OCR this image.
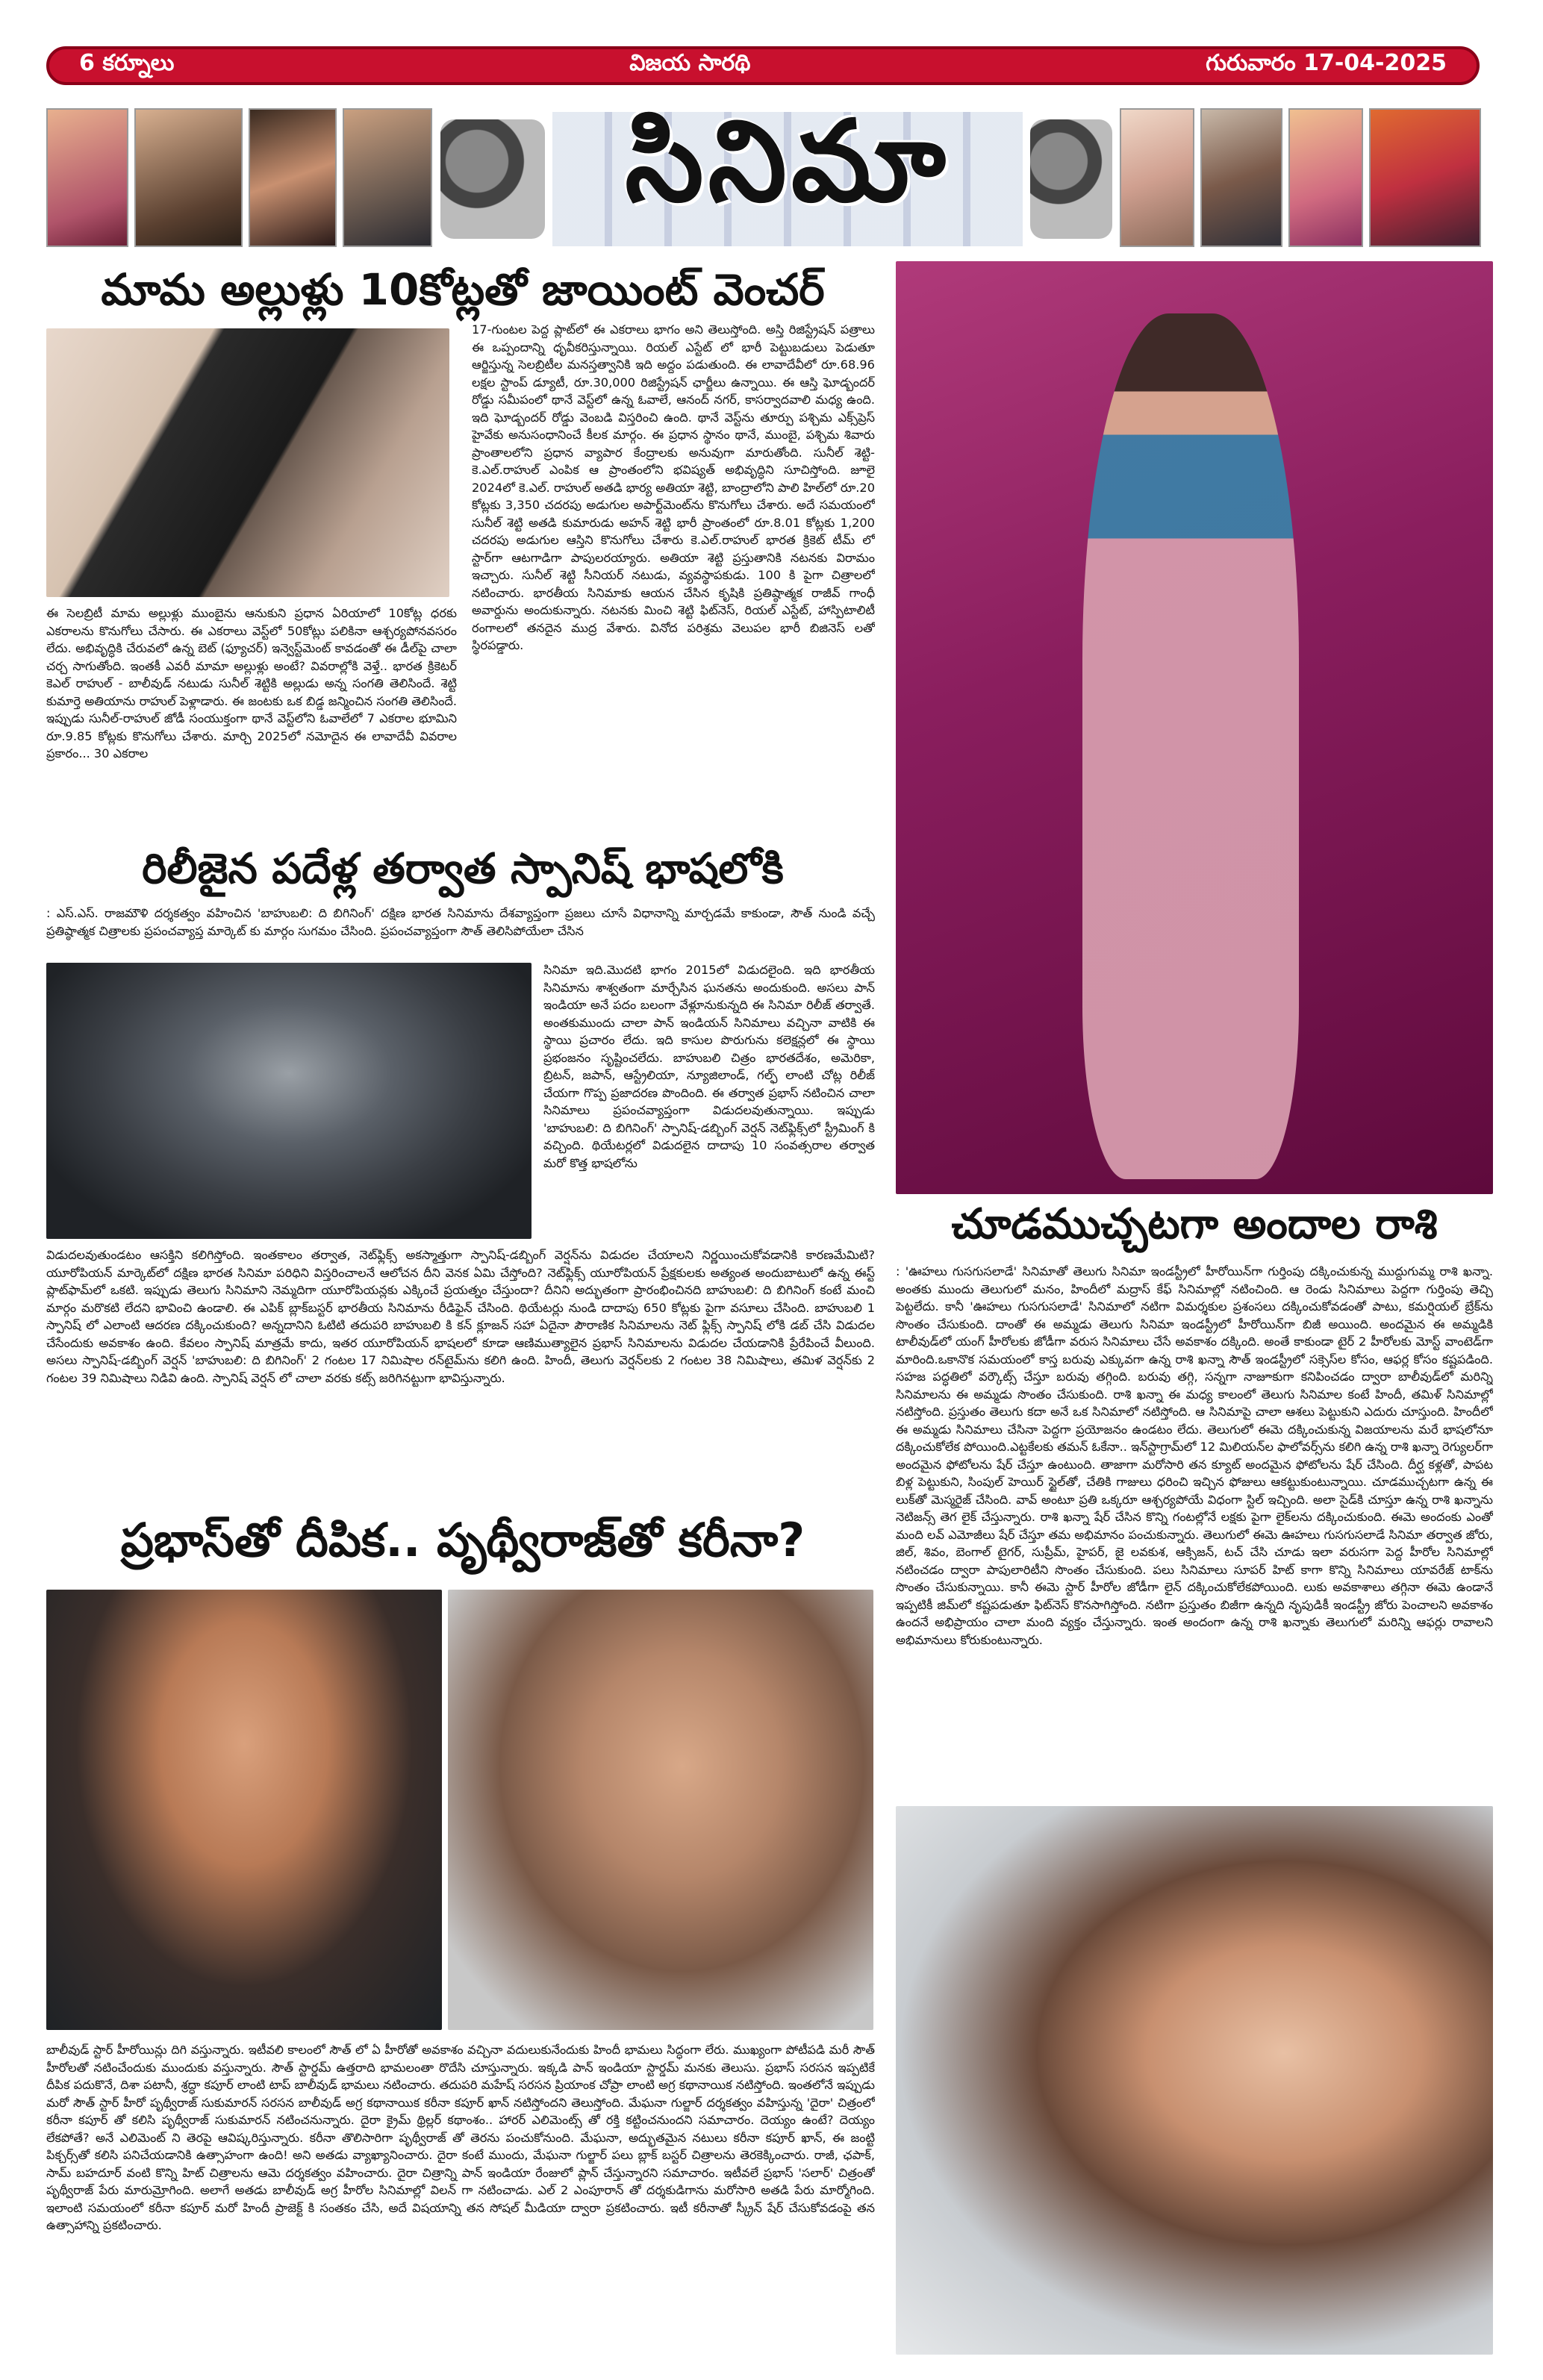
6 కర్నూలు	విజయ సారథి	గురువారం 17-04-2025
సినిమా
మామ అల్లుళ్లు 10కోట్లతో జాయింట్ వెంచర్
17-గుంటల పెద్ద ప్లాట్‌లో ఈ ఎకరాలు భాగం అని తెలుస్తోంది. అస్తి రిజిస్ట్రేషన్ పత్రాలు ఈ ఒప్పందాన్ని ధృవీకరిస్తున్నాయి. రియల్ ఎస్టేట్ లో భారీ పెట్టుబడులు పెడుతూ ఆర్జిస్తున్న సెలబ్రిటీల మనస్తత్వానికి ఇది అద్దం పడుతుంది. ఈ లావాదేవీలో రూ.68.96 లక్షల స్టాంప్ డ్యూటీ, రూ.30,000 రిజిస్ట్రేషన్ ఛార్జీలు ఉన్నాయి. ఈ ఆస్తి ఘోడ్బందర్ రోడ్డు సమీపంలో థానే వెస్ట్‌లో ఉన్న ఓవాలే, ఆనంద్ నగర్, కాసర్వాదవాలి మధ్య ఉంది. ఇది ఘోడ్బందర్ రోడ్డు వెంబడి విస్తరించి ఉంది. థానే వెస్ట్‌ను తూర్పు పశ్చిమ ఎక్స్‌ప్రెస్ హైవేకు అనుసంధానించే కీలక మార్గం. ఈ ప్రధాన స్థానం థానే, ముంబై, పశ్చిమ శివారు ప్రాంతాలలోని ప్రధాన వ్యాపార కేంద్రాలకు అనువుగా మారుతోంది. సునీల్ శెట్టి- కె.ఎల్.రాహుల్ ఎంపిక ఆ ప్రాంతంలోని భవిష్యత్ అభివృద్ధిని సూచిస్తోంది. జూలై 2024లో కె.ఎల్. రాహుల్ అతడి భార్య అతియా శెట్టి, బాంద్రాలోని పాలి హిల్‌లో రూ.20 కోట్లకు 3,350 చదరపు అడుగుల అపార్ట్‌మెంట్‌ను కొనుగోలు చేశారు. అదే సమయంలో సునీల్ శెట్టి అతడి కుమారుడు అహన్ శెట్టి భారీ ప్రాంతంలో రూ.8.01 కోట్లకు 1,200 చదరపు అడుగుల ఆస్తిని కొనుగోలు చేశారు కె.ఎల్.రాహుల్ భారత క్రికెట్ టీమ్ లో స్టార్‌గా ఆటగాడిగా పాపులరయ్యారు. అతియా శెట్టి ప్రస్తుతానికి నటనకు విరామం ఇచ్చారు. సునీల్ శెట్టి సీనియర్ నటుడు, వ్యవస్థాపకుడు. 100 కి పైగా చిత్రాలలో నటించారు. భారతీయ సినిమాకు ఆయన చేసిన కృషికి ప్రతిష్ఠాత్మక రాజీవ్ గాంధీ అవార్డును అందుకున్నారు. నటనకు మించి శెట్టి ఫిట్‌నెస్, రియల్ ఎస్టేట్, హాస్పిటాలిటీ రంగాలలో తనదైన ముద్ర వేశారు. వినోద పరిశ్రమ వెలుపల భారీ బిజినెస్ లతో స్థిరపడ్డారు.
ఈ సెలబ్రిటీ మామ అల్లుళ్లు ముంబైను ఆనుకుని ప్రధాన ఏరియాలో 10కోట్ల ధరకు ఎకరాలను కొనుగోలు చేసారు. ఈ ఎకరాలు వెస్ట్‌లో 50కోట్లు పలికినా ఆశ్చర్యపోనవసరం లేదు. అభివృద్ధికి చేరువలో ఉన్న బెట్ (ఫ్యూచర్) ఇన్వెస్ట్‌మెంట్ కావడంతో ఈ డీల్‌పై చాలా చర్చ సాగుతోంది. ఇంతకీ ఎవరీ మామా అల్లుళ్లు అంటే? వివరాల్లోకి వెళ్తే.. భారత క్రికెటర్ కెఎల్ రాహుల్ - బాలీవుడ్ నటుడు సునీల్ శెట్టికి అల్లుడు అన్న సంగతి తెలిసిందే. శెట్టి కుమార్తె అతియాను రాహుల్ పెళ్లాడారు. ఈ జంటకు ఒక బిడ్డ జన్మించిన సంగతి తెలిసిందే. ఇప్పుడు సునీల్-రాహుల్ జోడీ సంయుక్తంగా థానే వెస్ట్‌లోని ఓవాలేలో 7 ఎకరాల భూమిని రూ.9.85 కోట్లకు కొనుగోలు చేశారు. మార్చి 2025లో నమోదైన ఈ లావాదేవీ వివరాల ప్రకారం... 30 ఎకరాల
రిలీజైన పదేళ్ల తర్వాత స్పానిష్ భాషలోకి
: ఎస్.ఎస్. రాజమౌళి దర్శకత్వం వహించిన 'బాహుబలి: ది బిగినింగ్' దక్షిణ భారత సినిమాను దేశవ్యాప్తంగా ప్రజలు చూసే విధానాన్ని మార్చడమే కాకుండా, సౌత్ నుండి వచ్చే ప్రతిష్ఠాత్మక చిత్రాలకు ప్రపంచవ్యాప్త మార్కెట్ కు మార్గం సుగమం చేసింది. ప్రపంచవ్యాప్తంగా సౌత్ తెలిసిపోయేలా చేసిన
సినిమా ఇది.మొదటి భాగం 2015లో విడుదలైంది. ఇది భారతీయ సినిమాను శాశ్వతంగా మార్చేసిన ఘనతను అందుకుంది. అసలు పాన్ ఇండియా అనే పదం బలంగా వేళ్లూనుకున్నది ఈ సినిమా రిలీజ్ తర్వాతే. అంతకుముందు చాలా పాన్ ఇండియన్ సినిమాలు వచ్చినా వాటికి ఈ స్థాయి ప్రచారం లేదు. ఇది కాసుల పొరుగును కలెక్షన్లలో ఈ స్థాయి ప్రభంజనం సృష్టించలేదు. బాహుబలి చిత్రం భారతదేశం, అమెరికా, బ్రిటన్, జపాన్, ఆస్ట్రేలియా, న్యూజిలాండ్, గల్ఫ్ లాంటి చోట్ల రిలీజ్ చేయగా గొప్ప ప్రజాదరణ పొందింది. ఈ తర్వాత ప్రభాస్ నటించిన చాలా సినిమాలు ప్రపంచవ్యాప్తంగా విడుదలవుతున్నాయి. ఇప్పుడు 'బాహుబలి: ది బిగినింగ్' స్పానిష్-డబ్బింగ్ వెర్షన్ నెట్‌ఫ్లిక్స్‌లో స్ట్రీమింగ్ కి వచ్చింది. థియేటర్లలో విడుదలైన దాదాపు 10 సంవత్సరాల తర్వాత మరో కొత్త భాషలోను
విడుదలవుతుండటం ఆసక్తిని కలిగిస్తోంది. ఇంతకాలం తర్వాత, నెట్‌ఫ్లిక్స్ అకస్మాత్తుగా స్పానిష్-డబ్బింగ్ వెర్షన్‌ను విడుదల చేయాలని నిర్ణయించుకోవడానికి కారణమేమిటి? యూరోపియన్ మార్కెట్‌లో దక్షిణ భారత సినిమా పరిధిని విస్తరించాలనే ఆలోచన దీని వెనక ఏమి చేస్తోంది? నెట్‌ఫ్లిక్స్ యూరోపియన్ ప్రేక్షకులకు అత్యంత అందుబాటులో ఉన్న ఈస్ట్ ప్లాట్‌ఫామ్‌లో ఒకటి. ఇప్పుడు తెలుగు సినిమాని నెమ్మదిగా యూరోపియన్లకు ఎక్కించే ప్రయత్నం చేస్తుందా? దీనిని అద్భుతంగా ప్రారంభించినది బాహుబలి: ది బిగినింగ్ కంటే మంచి మార్గం మరొకటి లేదని భావించి ఉండాలి. ఈ ఎపిక్ బ్లాక్‌బస్టర్ భారతీయ సినిమాను రీడిఫైన్ చేసింది. థియేటర్లు నుండి దాదాపు 650 కోట్లకు పైగా వసూలు చేసింది. బాహుబలి 1 స్పానిష్ లో ఎలాంటి ఆదరణ దక్కించుకుంది? అన్నదానిని ఓటిటి తదుపరి బాహుబలి కి కన్ క్లూజన్ సహా ఏదైనా పౌరాణిక సినిమాలను నెట్ ఫ్లిక్స్ స్పానిష్ లోకి డబ్ చేసి విడుదల చేసేందుకు అవకాశం ఉంది. కేవలం స్పానిష్ మాత్రమే కాదు, ఇతర యూరోపియన్ భాషలలో కూడా ఆణిముత్యాలైన ప్రభాస్ సినిమాలను విడుదల చేయడానికి ప్రేరేపించే వీలుంది. అసలు స్పానిష్-డబ్బింగ్ వెర్షన్ 'బాహుబలి: ది బిగినింగ్' 2 గంటల 17 నిమిషాల రన్‌టైమ్‌ను కలిగి ఉంది. హిందీ, తెలుగు వెర్షన్‌లకు 2 గంటల 38 నిమిషాలు, తమిళ వెర్షన్‌కు 2 గంటల 39 నిమిషాలు నిడివి ఉంది. స్పానిష్ వెర్షన్ లో చాలా వరకు కట్స్ జరిగినట్టుగా భావిస్తున్నారు.
ప్రభాస్‌తో దీపిక.. పృథ్వీరాజ్‌తో కరీనా?
బాలీవుడ్ స్టార్ హీరోయిన్లు దిగి వస్తున్నారు. ఇటీవలి కాలంలో సౌత్ లో ఏ హీరోతో అవకాశం వచ్చినా వదులుకునేందుకు హిందీ భామలు సిద్ధంగా లేరు. ముఖ్యంగా పోటీపడి మరీ సౌత్ హీరోలతో నటించేందుకు ముందుకు వస్తున్నారు. సౌత్ స్టార్డమ్ ఉత్తరాది భామలంతా రొదేసి చూస్తున్నారు. ఇక్కడి పాన్ ఇండియా స్టార్డమ్ మనకు తెలుసు. ప్రభాస్ సరసన ఇప్పటికే దీపిక పదుకొనే, దిశా పటానీ, శ్రద్ధా కపూర్ లాంటి టాప్ బాలీవుడ్ భామలు నటించారు. తదుపరి మహేష్ సరసన ప్రియాంక చోప్రా లాంటి అగ్ర కథానాయిక నటిస్తోంది. ఇంతలోనే ఇప్పుడు మరో సౌత్ స్టార్ హీరో పృథ్వీరాజ్ సుకుమారన్ సరసన బాలీవుడ్ అగ్ర కథానాయిక కరీనా కపూర్ ఖాన్ నటిస్తోందని తెలుస్తోంది. మేఘనా గుల్జార్ దర్శకత్వం వహిస్తున్న 'దైరా' చిత్రంలో కరీనా కపూర్ తో కలిసి పృథ్వీరాజ్ సుకుమారన్ నటించనున్నారు. దైరా క్రైమ్ థ్రిల్లర్ కథాంశం.. హారర్ ఎలిమెంట్స్ తో రక్తి కట్టించనుందని సమాచారం. దెయ్యం ఉంటే? దెయ్యం లేకపోతే? అనే ఎలిమెంట్ ని తెరపై ఆవిష్కరిస్తున్నారు. కరీనా తొలిసారిగా పృథ్వీరాజ్ తో తెరను పంచుకోనుంది. మేఘనా, అద్భుతమైన నటులు కరీనా కపూర్ ఖాన్, ఈ జంట్టి పిక్చర్స్‌తో కలిసి పనిచేయడానికి ఉత్సాహంగా ఉంది! అని అతడు వ్యాఖ్యానించారు. దైరా కంటే ముందు, మేఘనా గుల్జార్ పలు బ్లాక్ బస్టర్ చిత్రాలను తెరకెక్కించారు. రాజీ, ఛపాక్, సామ్ బహదూర్ వంటి కొన్ని హిట్ చిత్రాలను ఆమె దర్శకత్వం వహించారు. దైరా చిత్రాన్ని పాన్ ఇండియా రేంజులో ప్లాన్ చేస్తున్నారని సమాచారం. ఇటీవలే ప్రభాస్ 'సలార్' చిత్రంతో పృథ్వీరాజ్ పేరు మారుమ్రోగింది. అలాగే అతడు బాలీవుడ్ అగ్ర హీరోల సినిమాల్లో విలన్ గా నటించాడు. ఎల్ 2 ఎంపూరాన్ తో దర్శకుడిగాను మరోసారి అతడి పేరు మార్మోగింది. ఇలాంటి సమయంలో కరీనా కపూర్ మరో హిందీ ప్రాజెక్ట్ కి సంతకం చేసి, అదే విషయాన్ని తన సోషల్ మీడియా ద్వారా ప్రకటించారు. ఇటీ కరీనాతో స్క్రీన్ షేర్ చేసుకోవడంపై తన ఉత్సాహాన్ని ప్రకటించారు.
చూడముచ్చటగా అందాల రాశి
: 'ఊహలు గుసగుసలాడే' సినిమాతో తెలుగు సినిమా ఇండస్ట్రీలో హీరోయిన్‌గా గుర్తింపు దక్కించుకున్న ముద్దుగుమ్మ రాశి ఖన్నా. అంతకు ముందు తెలుగులో మనం, హిందీలో మద్రాస్ కేఫ్ సినిమాల్లో నటించింది. ఆ రెండు సినిమాలు పెద్దగా గుర్తింపు తెచ్చి పెట్టలేదు. కానీ 'ఊహలు గుసగుసలాడే' సినిమాలో నటిగా విమర్శకుల ప్రశంసలు దక్కించుకోవడంతో పాటు, కమర్షియల్ బ్రేక్‌ను సొంతం చేసుకుంది. దాంతో ఈ అమ్మడు తెలుగు సినిమా ఇండస్ట్రీలో హీరోయిన్‌గా బిజీ అయింది. అందమైన ఈ అమ్మడికి టాలీవుడ్‌లో యంగ్ హీరోలకు జోడీగా వరుస సినిమాలు చేసే అవకాశం దక్కింది. అంతే కాకుండా టైర్ 2 హీరోలకు మోస్ట్ వాంటెడ్‌గా మారింది.ఒకానొక సమయంలో కాస్త బరువు ఎక్కువగా ఉన్న రాశి ఖన్నా సౌత్ ఇండస్ట్రీలో సక్సెస్‌ల కోసం, ఆఫర్ల కోసం కష్టపడింది. సహజ పద్ధతిలో వర్కౌట్స్ చేస్తూ బరువు తగ్గింది. బరువు తగ్గి, సన్నగా నాజూకుగా కనిపించడం ద్వారా బాలీవుడ్‌లో మరిన్ని సినిమాలను ఈ అమ్మడు సొంతం చేసుకుంది. రాశి ఖన్నా ఈ మధ్య కాలంలో తెలుగు సినిమాల కంటే హిందీ, తమిళ్ సినిమాల్లో నటిస్తోంది. ప్రస్తుతం తెలుగు కదా అనే ఒక సినిమాలో నటిస్తోంది. ఆ సినిమాపై చాలా ఆశలు పెట్టుకుని ఎదురు చూస్తుంది. హిందీలో ఈ అమ్మడు సినిమాలు చేసినా పెద్దగా ప్రయోజనం ఉండటం లేదు. తెలుగులో ఈమె దక్కించుకున్న విజయాలను మరే భాషలోనూ దక్కించుకోలేక పోయింది.ఎట్టకేలకు తమన్ ఓకేనా.. ఇన్‌స్టాగ్రామ్‌లో 12 మిలియన్‌ల ఫాలోవర్స్‌ను కలిగి ఉన్న రాశి ఖన్నా రెగ్యులర్‌గా అందమైన ఫోటోలను షేర్ చేస్తూ ఉంటుంది. తాజాగా మరోసారి తన క్యూట్ అందమైన ఫోటోలను షేర్ చేసింది. దీర్ఘ కళ్లతో, పాపట బిళ్ల పెట్టుకుని, సింపుల్ హెయిర్ స్టైల్‌తో, చేతికి గాజులు ధరించి ఇచ్చిన ఫోజులు ఆకట్టుకుంటున్నాయి. చూడముచ్చటగా ఉన్న ఈ లుక్‌తో మెస్మరైజ్ చేసింది. వావ్ అంటూ ప్రతి ఒక్కరూ ఆశ్చర్యపోయే విధంగా స్టిల్ ఇచ్చింది. అలా సైడ్‌కి చూస్తూ ఉన్న రాశి ఖన్నాను నెటిజన్స్ తెగ లైక్ చేస్తున్నారు. రాశి ఖన్నా షేర్ చేసిన కొన్ని గంటల్లోనే లక్షకు పైగా లైక్‌లను దక్కించుకుంది. ఈమె అందంకు ఎంతో మంది లవ్ ఎమోజీలు షేర్ చేస్తూ తమ అభిమానం పంచుకున్నారు. తెలుగులో ఈమె ఊహలు గుసగుసలాడే సినిమా తర్వాత జోరు, జిల్, శివం, బెంగాల్ టైగర్, సుప్రీమ్, హైపర్, జై లవకుశ, ఆక్సిజన్, టచ్ చేసి చూడు ఇలా వరుసగా పెద్ద హీరోల సినిమాల్లో నటించడం ద్వారా పాపులారిటీని సొంతం చేసుకుంది. పలు సినిమాలు సూపర్ హిట్ కాగా కొన్ని సినిమాలు యావరేజ్ టాక్‌ను సొంతం చేసుకున్నాయి. కానీ ఈమె స్టార్ హీరోల జోడీగా లైన్ దక్కించుకోలేకపోయింది. లుకు అవకాశాలు తగ్గినా ఈమె ఉండానే ఇప్పటికీ జిమ్‌లో కష్టపడుతూ ఫిట్‌నెస్‌ కొనసాగిస్తోంది. నటిగా ప్రస్తుతం బిజీగా ఉన్నది నృపుడికీ ఇండస్ట్రీ జోరు పెంచాలని అవకాశం ఉందనే అభిప్రాయం చాలా మంది వ్యక్తం చేస్తున్నారు. ఇంత అందంగా ఉన్న రాశి ఖన్నాకు తెలుగులో మరిన్ని ఆఫర్లు రావాలని అభిమానులు కోరుకుంటున్నారు.
